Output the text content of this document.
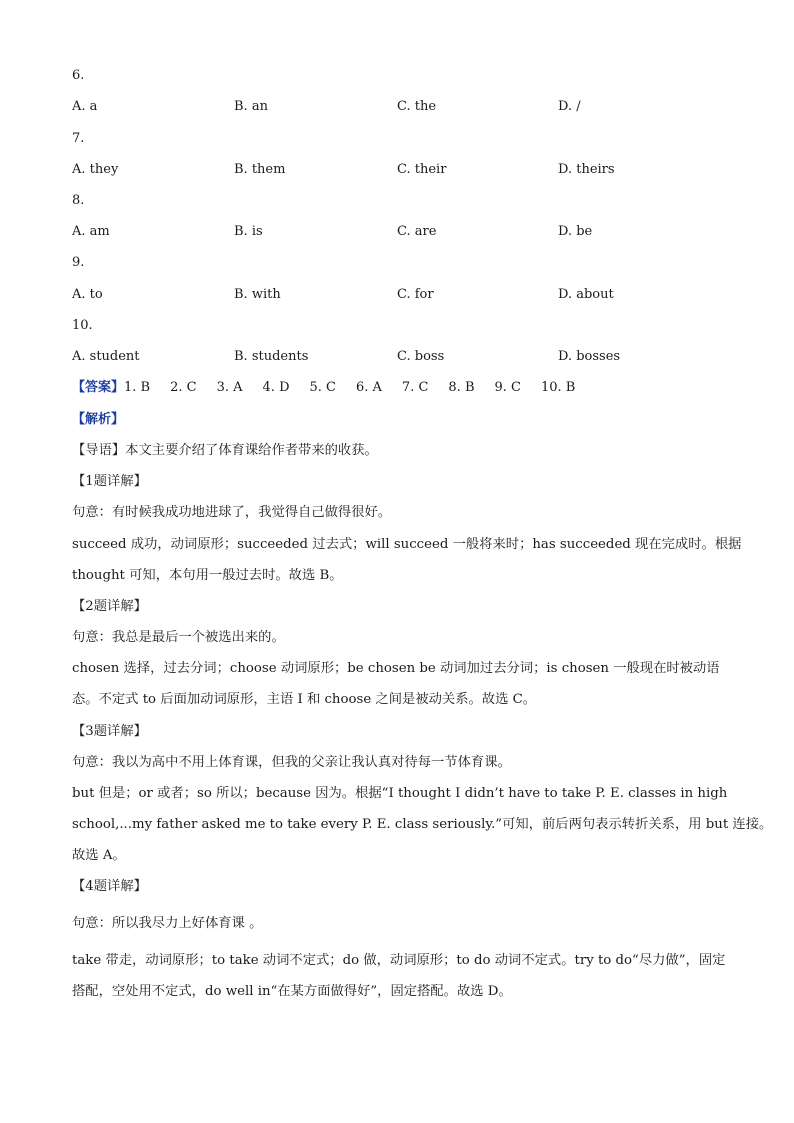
6.
A. a	B. an	C. the	D. /
7.
A. they	B. them	C. their	D. theirs
8.
A. am	B. is	C. are	D. be
9.
A. to	B. with	C. for	D. about
10.
A. student	B. students	C. boss	D. bosses
【答案】1. B 2. C 3. A 4. D 5. C 6. A 7. C 8. B 9. C 10. B
【解析】
【导语】本文主要介绍了体育课给作者带来的收获。
【1题详解】
句意：有时候我成功地进球了，我觉得自己做得很好。
succeed 成功，动词原形；succeeded 过去式；will succeed 一般将来时；has succeeded 现在完成时。根据
thought 可知，本句用一般过去时。故选 B。
【2题详解】
句意：我总是最后一个被选出来的。
chosen 选择，过去分词；choose 动词原形；be chosen be 动词加过去分词；is chosen 一般现在时被动语
态。不定式 to 后面加动词原形，主语 I 和 choose 之间是被动关系。故选 C。
【3题详解】
句意：我以为高中不用上体育课，但我的父亲让我认真对待每一节体育课。
but 但是；or 或者；so 所以；because 因为。根据“I thought I didn’t have to take P. E. classes in high
school,...my father asked me to take every P. E. class seriously.”可知，前后两句表示转折关系，用 but 连接。
故选 A。
【4题详解】
句意：所以我尽力上好体育课 。
take 带走，动词原形；to take 动词不定式；do 做，动词原形；to do 动词不定式。try to do“尽力做”，固定
搭配，空处用不定式，do well in“在某方面做得好”，固定搭配。故选 D。
